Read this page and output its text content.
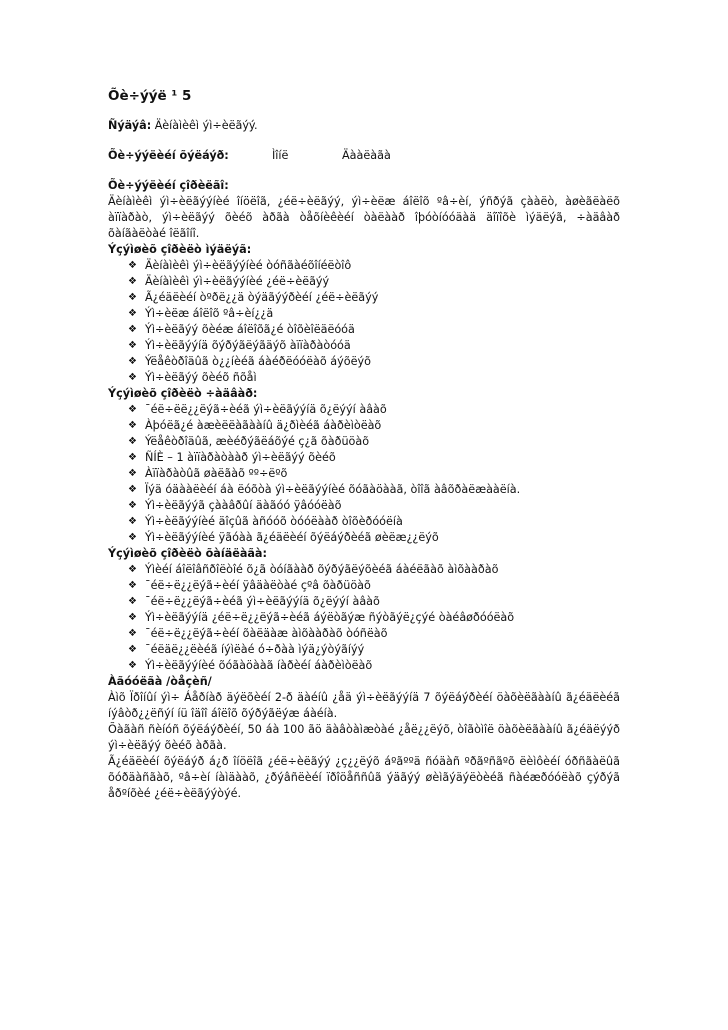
Õè÷ýýë ¹ 5

Ñýäýâ: Äèíàìèêì ýì÷èëãýý.

Õè÷ýýëèéí õýëáýð:	Ìîíë	Äààëàãà

Õè÷ýýëèéí çîðèëãî:

Äèíàìèêì ýì÷èëãýýíèé îíöëîã, ¿éë÷èëãýý, ýì÷èëæ áîëîõ ºâ÷èí, ýñðýã çààëò, àøèãëàëõ àïïàðàò, ýì÷èëãýý õèéõ àðãà òåõíèêèéí òàëààð îþóòíóóäàä äîïîõè ìýäëýã, ÷àäâàð õàíãàëòàé îëãîíî.

Ýçýìøèõ çîðèëò ìýäëýã:

❖ Äèíàìèêì ýì÷èëãýýíèé òóñãàéõîíéëòîô
❖ Äèíàìèêì ýì÷èëãýýíèé ¿éë÷èëãýý
❖ Ã¿éäëèéí òºðë¿¿ä òýäãýýðèéí ¿éë÷èëãýý
❖ Ýì÷èëæ áîëîõ ºâ÷èí¿¿ä
❖ Ýì÷èëãýý õèéæ áîëîõã¿é òîõèîëäëóóä
❖ Ýì÷èëãýýíä õýðýãëýãäýõ àïïàðàòóóä
❖ Ýëåêòðîäûã ò¿¿íèéã áàéðëóóëàõ áýõëýõ
❖ Ýì÷èëãýý õèéõ ñõåì

Ýçýìøèõ çîðèëò ÷àäâàð:

❖ ¯éë÷ëë¿¿ëýã÷èéã ýì÷èëãýýíä õ¿ëýýí àâàõ
❖ Àþóëã¿é àæèëëàãààíû ä¿ðìèéã áàðèìòëàõ
❖ Ýëåêòðîäûã, æèéðýãëáõýé ç¿ã õàðüöàõ
❖ ÑÍÈ – 1 àïïàðàòààð ýì÷èëãýý õèéõ
❖ Àïïàðàòûã øàëãàõ ºº÷ëºõ
❖ Ïýä óäààëèéí áà ëóõòà ýì÷èëãýýíèé õóãàöààã, òîîã àâõðàëæààëíà.
❖ Ýì÷èëãýýã çààâðûí äàãóó ÿâóóëàõ
❖ Ýì÷èëãýýíèé äîçûã àñóóõ òóóëààð òîõèðóóëíà
❖ Ýì÷èëãýýíèé ÿãóàà ã¿éäëèéí õýëáýðèéã øèëæ¿¿ëýõ

Ýçýìøèõ çîðèëò õàíäëàãà:

❖ Ýìèéí áîëîâñðîëòîé õ¿ã òóíãààð õýðýãëýõèéã áàéëãàõ àìõààðàõ
❖ ¯éë÷ë¿¿ëýã÷èéí ÿâäàëòàé çºâ õàðüöàõ
❖ ¯éë÷ë¿¿ëýã÷èéã ýì÷èëãýýíä õ¿ëýýí àâàõ
❖ Ýì÷èëãýýíä ¿éë÷ë¿¿ëýã÷èéã áýëòãýæ ñýòãýë¿çýé òàéâøðóóëàõ
❖ ¯éë÷ë¿¿ëýã÷èéí õàëäàæ àìõààðàõ òóñëàõ
❖ ¯éëäë¿¿ëèéã íýìëàé ó÷ðàà ìýä¿ýòýãíýý
❖ Ýì÷èëãýýíèé õóãàöààã íàðèéí áàðèìòëàõ

Àãóóëãà /òåçèñ/

Àìõ Ïðîíûí ýì÷ Áåðíàð äýëõèéí 2-ð äàéíû ¿åä ýì÷èëãýýíä 7 õýëáýðèéí öàõèëãààíû ã¿éäëèéã íýâòð¿¿ëñýí íü îäîî áîëîõ õýðýãëýæ áàéíà.

Õàãàñ ñèíóñ õýëáýðèéí, 50 áà 100 ãö äàâòàìæòàé ¿åë¿¿ëýõ, òîãòìîë öàõèëãààíû ã¿éäëýýð ýì÷èëãýý õèéõ àðãà.

Ã¿éäëèéí õýëáýð á¿ð îíöëîã ¿éë÷èëãýý ¿ç¿¿ëýõ áºãººä ñóäàñ ºðãºñãºõ ëèìôèéí óðñãàëûã õóðäàñãàõ, ºâ÷èí íàìäààõ, ¿ðýâñëèéí ïðîöåññûã ýäãýý øèìãýäýëòèéã ñàéæðóóëàõ çýðýã åðºíõèé ¿éë÷èëãýýòýé.
